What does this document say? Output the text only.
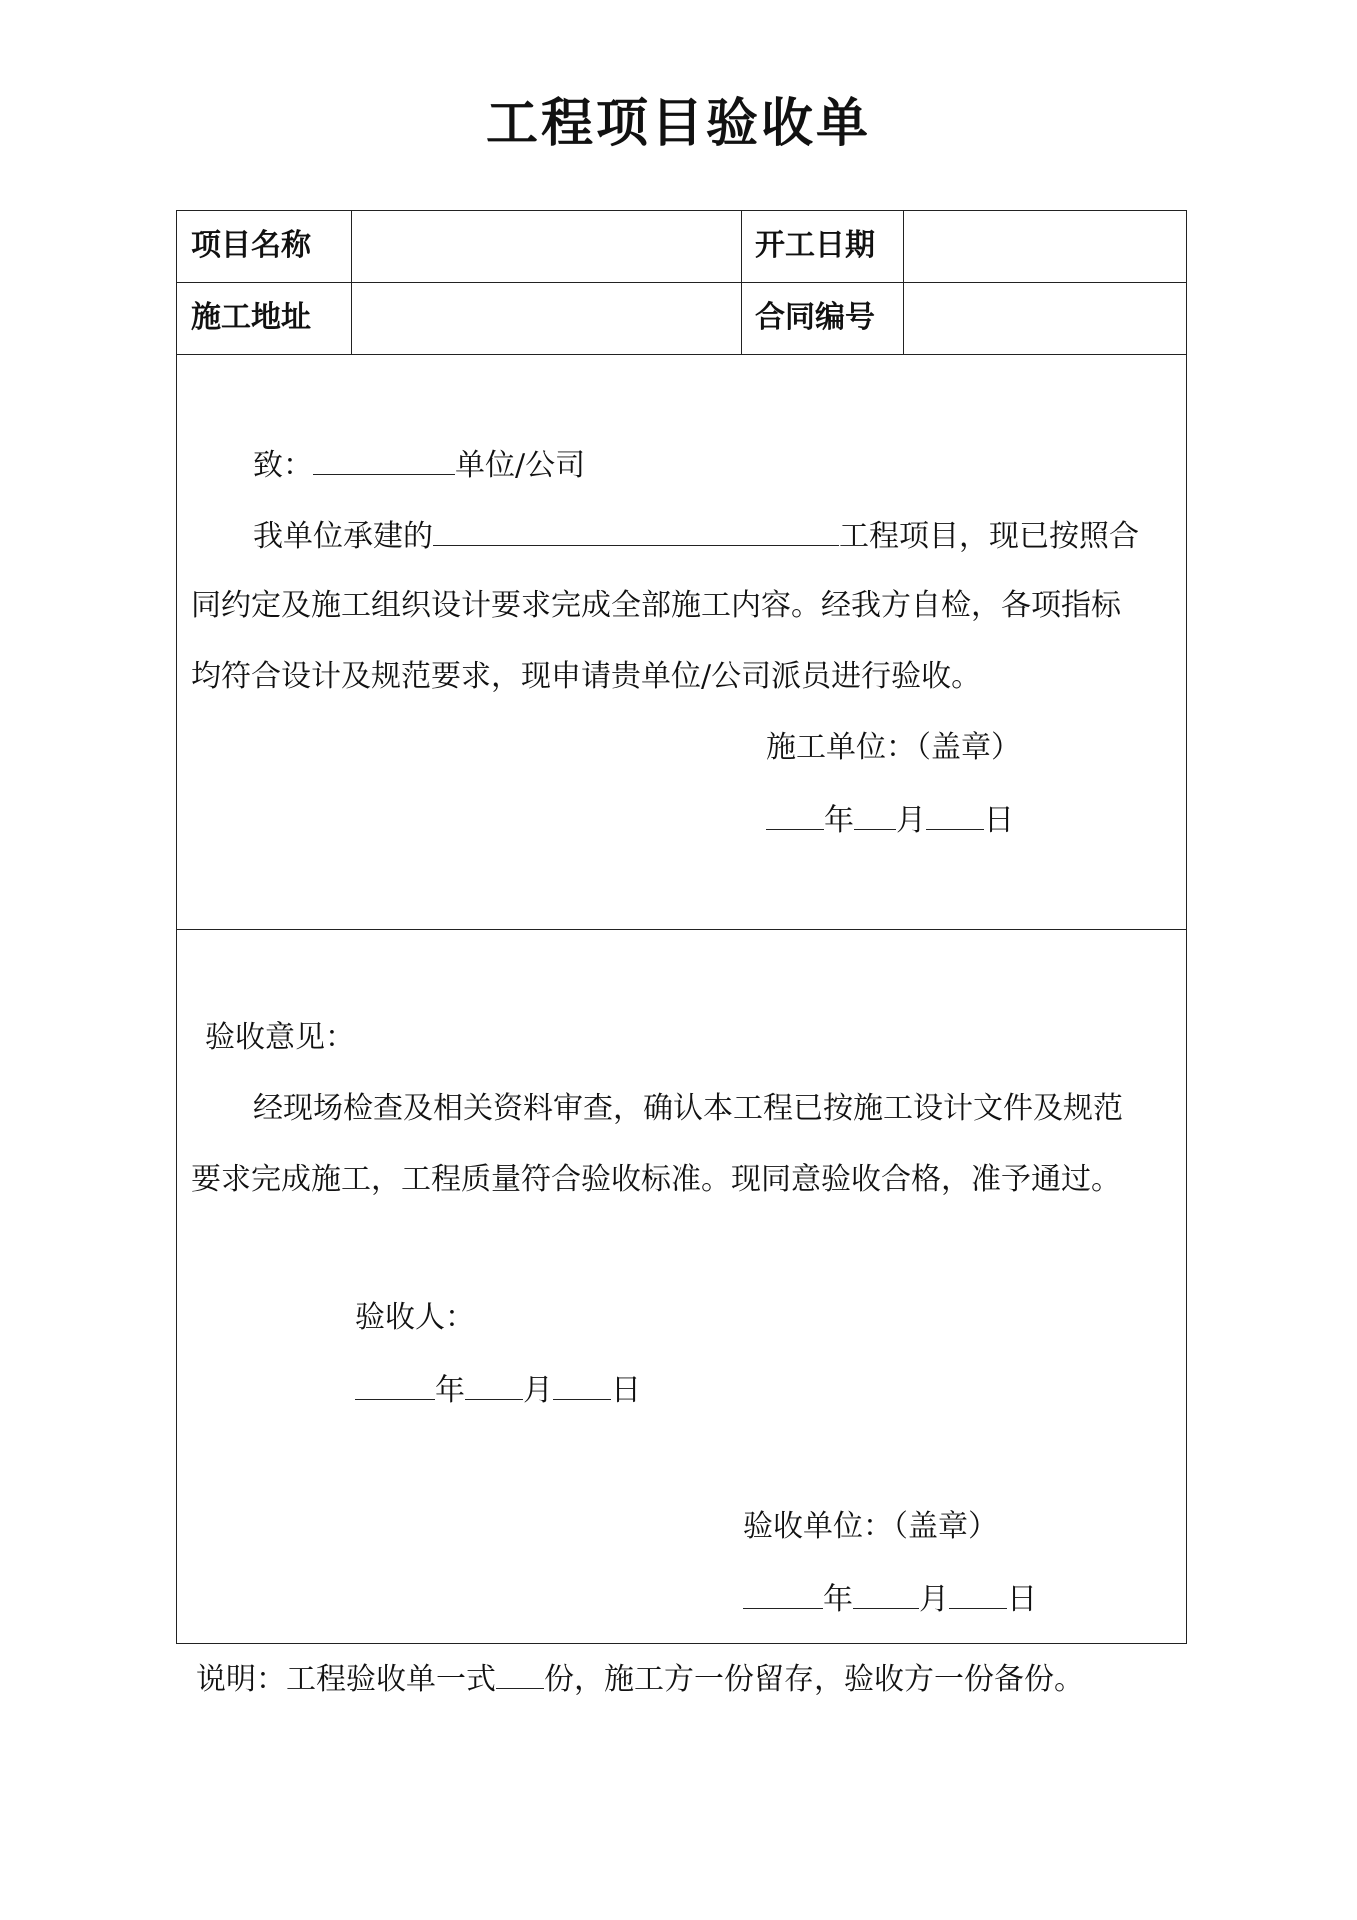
工程项目验收单
项目名称	开工日期
施工地址	合同编号
致：	单位/公司
我单位承建的	工程项目，现已按照合
同约定及施工组织设计要求完成全部施工内容。经我方自检，各项指标
均符合设计及规范要求，现申请贵单位/公司派员进行验收。
施工单位：（盖章）
年 月 日
验收意见：
经现场检查及相关资料审查，确认本工程已按施工设计文件及规范
要求完成施工，工程质量符合验收标准。现同意验收合格，准予通过。
验收人：
年 月 日
验收单位：（盖章）
年 月 日
说明：工程验收单一式 份，施工方一份留存，验收方一份备份。
